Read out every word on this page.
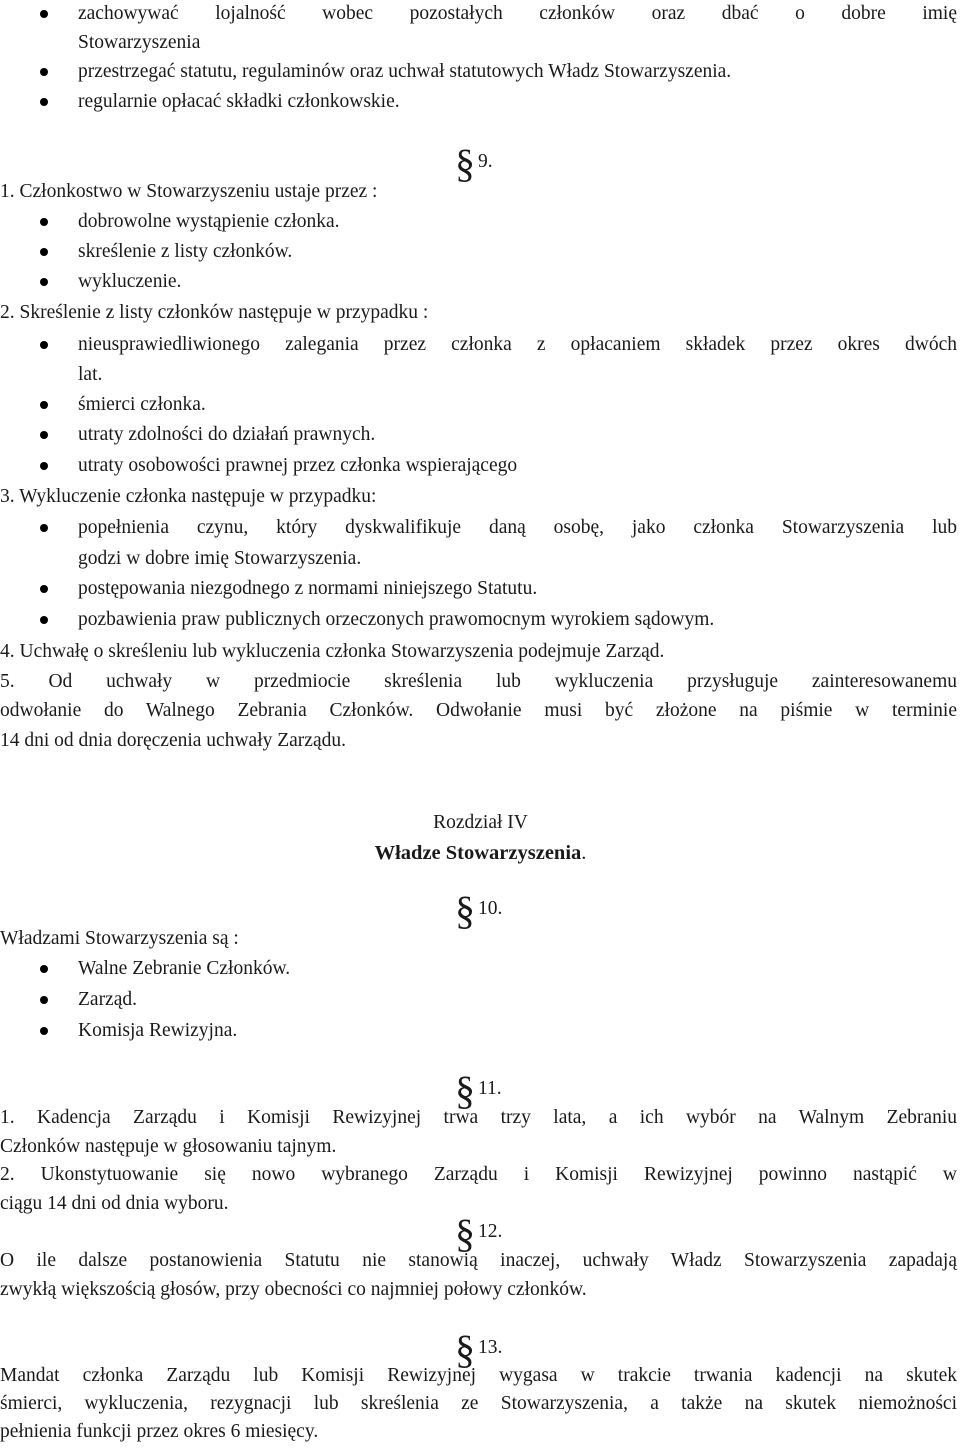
zachowywać lojalność wobec pozostałych członków oraz dbać o dobre imię
Stowarzyszenia
przestrzegać statutu, regulaminów oraz uchwał statutowych Władz Stowarzyszenia.
regularnie opłacać składki członkowskie.
§ 9.
1. Członkostwo w Stowarzyszeniu ustaje przez :
dobrowolne wystąpienie członka.
skreślenie z listy członków.
wykluczenie.
2. Skreślenie z listy członków następuje w przypadku :
nieusprawiedliwionego zalegania przez członka z opłacaniem składek przez okres dwóch
lat.
śmierci członka.
utraty zdolności do działań prawnych.
utraty osobowości prawnej przez członka wspierającego
3. Wykluczenie członka następuje w przypadku:
popełnienia czynu, który dyskwalifikuje daną osobę, jako członka Stowarzyszenia lub
godzi w dobre imię Stowarzyszenia.
postępowania niezgodnego z normami niniejszego Statutu.
pozbawienia praw publicznych orzeczonych prawomocnym wyrokiem sądowym.
4. Uchwałę o skreśleniu lub wykluczenia członka Stowarzyszenia podejmuje Zarząd.
5. Od uchwały w przedmiocie skreślenia lub wykluczenia przysługuje zainteresowanemu
odwołanie do Walnego Zebrania Członków. Odwołanie musi być złożone na piśmie w terminie
14 dni od dnia doręczenia uchwały Zarządu.
Rozdział IV
Władze Stowarzyszenia.
§ 10.
Władzami Stowarzyszenia są :
Walne Zebranie Członków.
Zarząd.
Komisja Rewizyjna.
§ 11.
1. Kadencja Zarządu i Komisji Rewizyjnej trwa trzy lata, a ich wybór na Walnym Zebraniu
Członków następuje w głosowaniu tajnym.
2. Ukonstytuowanie się nowo wybranego Zarządu i Komisji Rewizyjnej powinno nastąpić w
ciągu 14 dni od dnia wyboru.
§ 12.
O ile dalsze postanowienia Statutu nie stanowią inaczej, uchwały Władz Stowarzyszenia zapadają
zwykłą większością głosów, przy obecności co najmniej połowy członków.
§ 13.
Mandat członka Zarządu lub Komisji Rewizyjnej wygasa w trakcie trwania kadencji na skutek
śmierci, wykluczenia, rezygnacji lub skreślenia ze Stowarzyszenia, a także na skutek niemożności
pełnienia funkcji przez okres 6 miesięcy.
